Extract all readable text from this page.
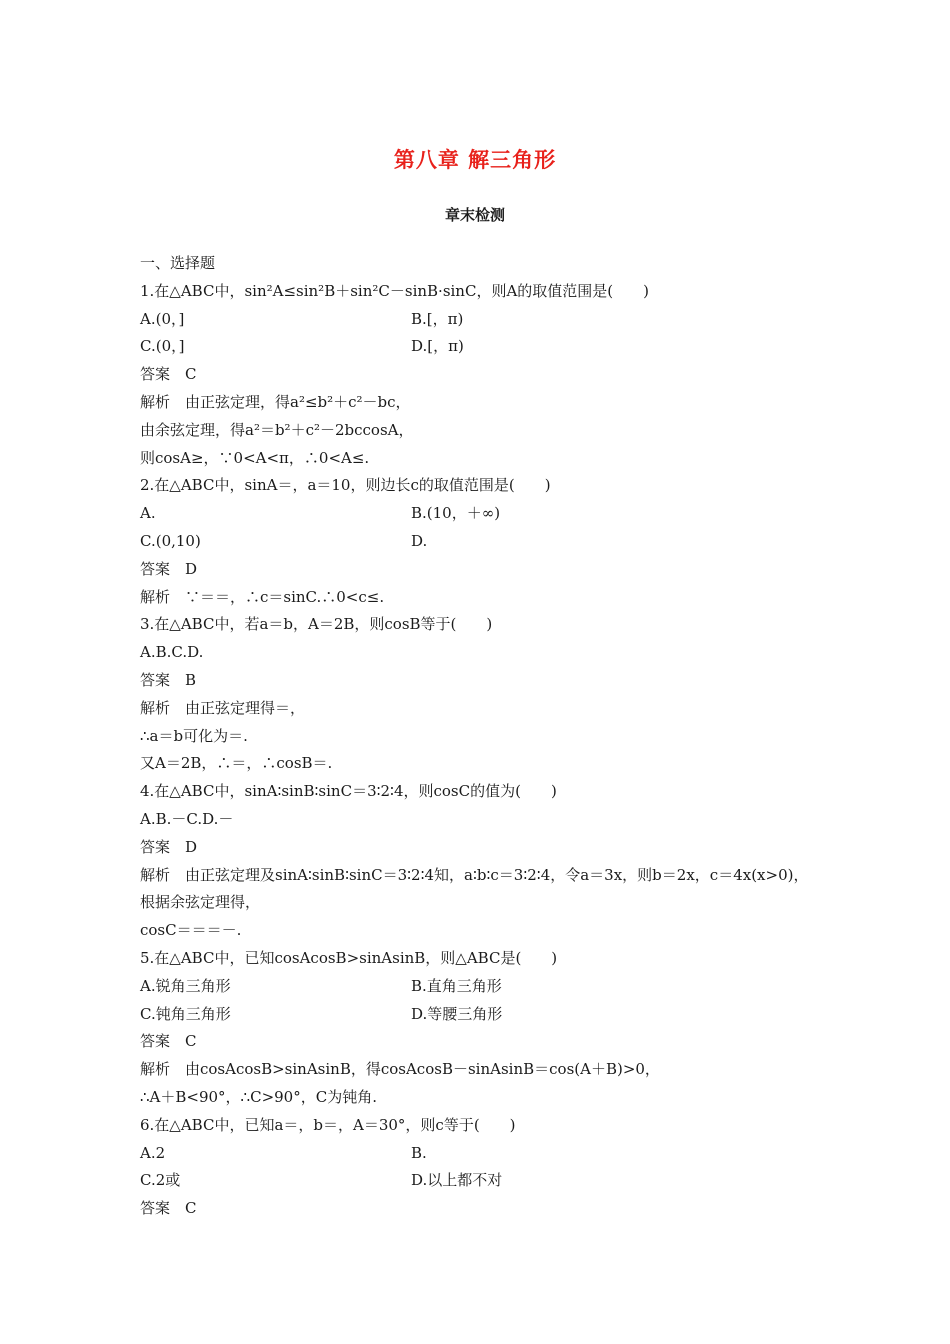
第八章 解三角形
章末检测
一、选择题
1.在△ABC中，sin²A≤sin²B＋sin²C－sinB·sinC，则A的取值范围是(　　)
A.(0，]	B.[，π)
C.(0，]	D.[，π)
答案　C
解析　由正弦定理，得a²≤b²＋c²－bc，
由余弦定理，得a²＝b²＋c²－2bccosA，
则cosA≥，∵0<A<π，∴0<A≤.
2.在△ABC中，sinA＝，a＝10，则边长c的取值范围是(　　)
A.	B.(10，＋∞)
C.(0,10)	D.
答案　D
解析　∵＝＝，∴c＝sinC.∴0<c≤.
3.在△ABC中，若a＝b，A＝2B，则cosB等于(　　)
A.B.C.D.
答案　B
解析　由正弦定理得＝，
∴a＝b可化为＝.
又A＝2B，∴＝，∴cosB＝.
4.在△ABC中，sinA∶sinB∶sinC＝3∶2∶4，则cosC的值为(　　)
A.B.－C.D.－
答案　D
解析　由正弦定理及sinA∶sinB∶sinC＝3∶2∶4知，a∶b∶c＝3∶2∶4，令a＝3x，则b＝2x，c＝4x(x>0)，根据余弦定理得，
cosC＝＝＝－.
5.在△ABC中，已知cosAcosB>sinAsinB，则△ABC是(　　)
A.锐角三角形	B.直角三角形
C.钝角三角形	D.等腰三角形
答案　C
解析　由cosAcosB>sinAsinB，得cosAcosB－sinAsinB＝cos(A＋B)>0，
∴A＋B<90°，∴C>90°，C为钝角.
6.在△ABC中，已知a＝，b＝，A＝30°，则c等于(　　)
A.2	B.
C.2或	D.以上都不对
答案　C
